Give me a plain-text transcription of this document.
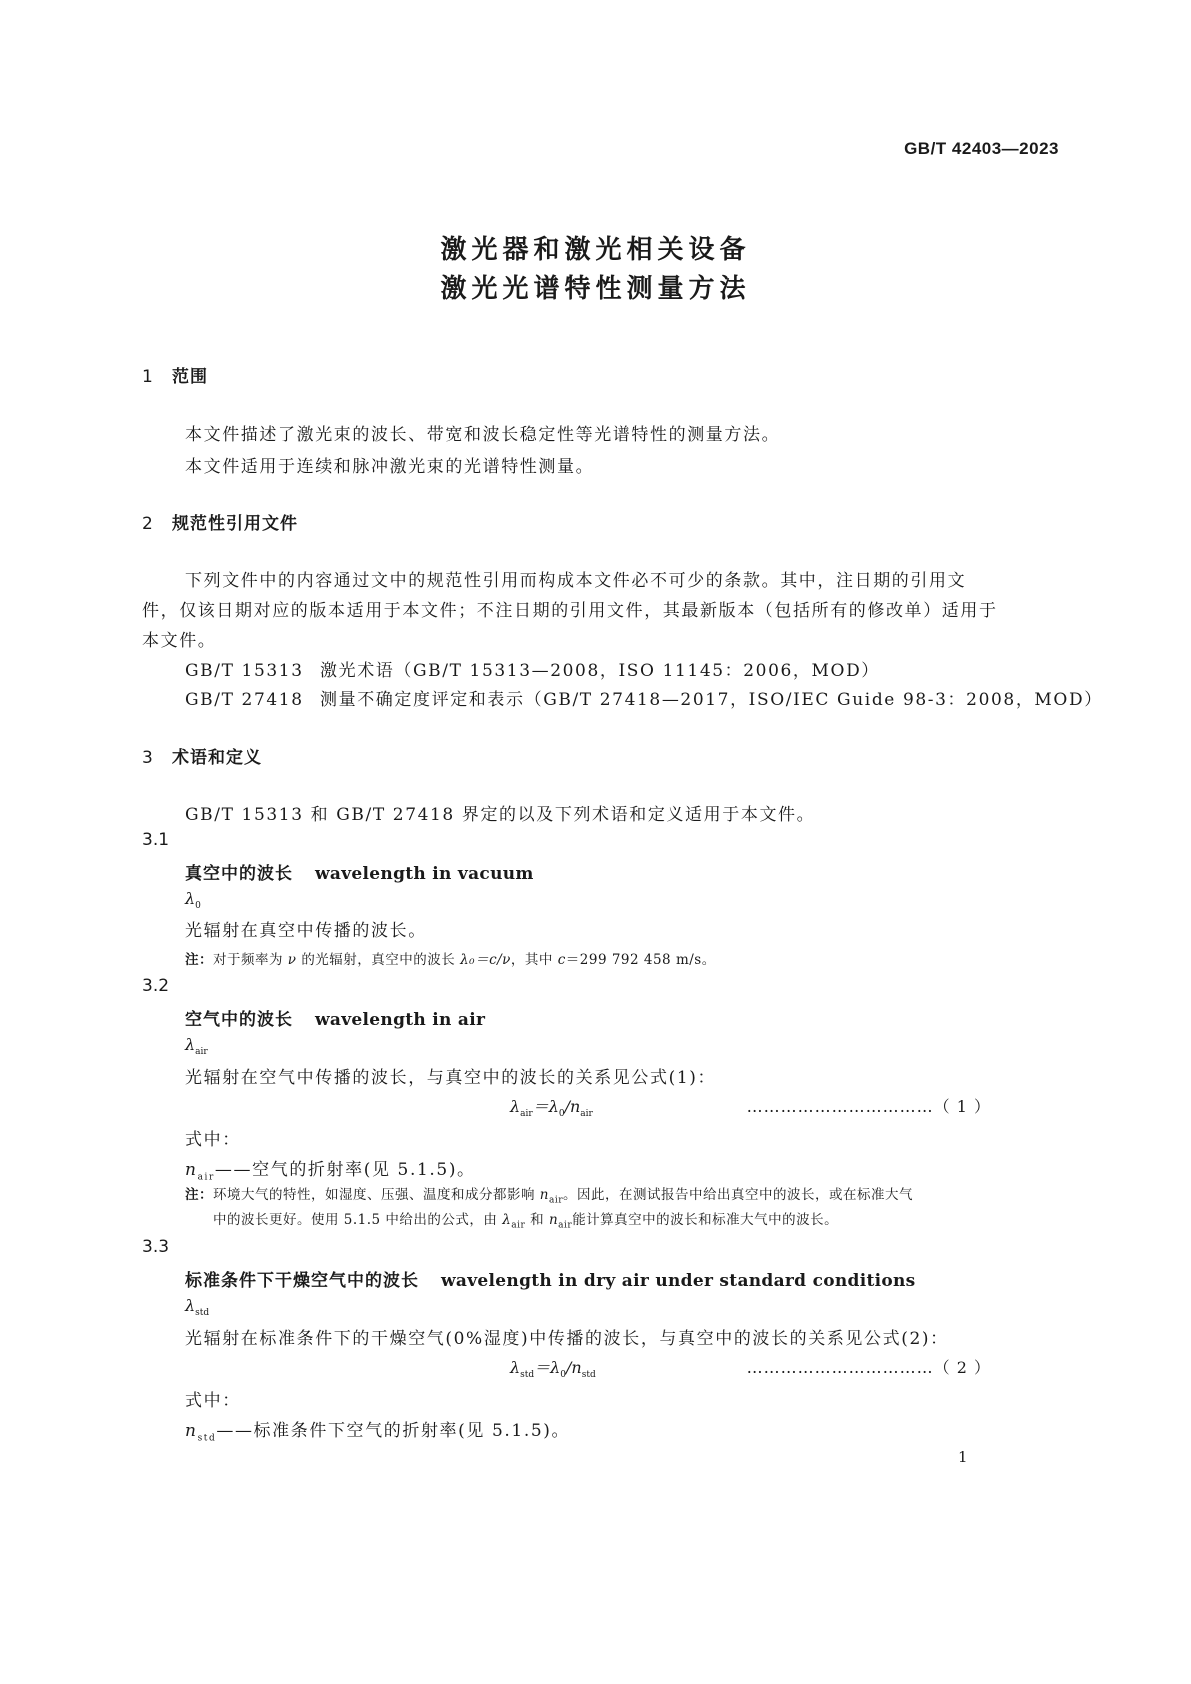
GB/T 42403—2023
激光器和激光相关设备
激光光谱特性测量方法
1 范围
本文件描述了激光束的波长、带宽和波长稳定性等光谱特性的测量方法。
本文件适用于连续和脉冲激光束的光谱特性测量。
2 规范性引用文件
下列文件中的内容通过文中的规范性引用而构成本文件必不可少的条款。其中，注日期的引用文
件，仅该日期对应的版本适用于本文件；不注日期的引用文件，其最新版本（包括所有的修改单）适用于
本文件。
GB/T 15313 激光术语（GB/T 15313—2008，ISO 11145：2006，MOD）
GB/T 27418 测量不确定度评定和表示（GB/T 27418—2017，ISO/IEC Guide 98-3：2008，MOD）
3 术语和定义
GB/T 15313 和 GB/T 27418 界定的以及下列术语和定义适用于本文件。
3.1
真空中的波长 wavelength in vacuum
$\lambda_0$
光辐射在真空中传播的波长。
注：对于频率为 ν 的光辐射，真空中的波长 λ₀＝c/ν，其中 c＝299 792 458 m/s。
3.2
空气中的波长 wavelength in air
$\lambda_{air}$
光辐射在空气中传播的波长，与真空中的波长的关系见公式(1)：
$\lambda_{air}=\lambda_0/n_{air}$	……………………………（ 1 ）
式中：
$n_{air}——$空气的折射率(见 5.1.5)。
注：环境大气的特性，如湿度、压强、温度和成分都影响 $n_{air}$。因此，在测试报告中给出真空中的波长，或在标准大气
中的波长更好。使用 5.1.5 中给出的公式，由 $\lambda_{air}$ 和 $n_{air}$能计算真空中的波长和标准大气中的波长。
3.3
标准条件下干燥空气中的波长 wavelength in dry air under standard conditions
$\lambda_{std}$
光辐射在标准条件下的干燥空气(0%湿度)中传播的波长，与真空中的波长的关系见公式(2)：
$\lambda_{std}=\lambda_0/n_{std}$	……………………………（ 2 ）
式中：
$n_{std}——$标准条件下空气的折射率(见 5.1.5)。
1
